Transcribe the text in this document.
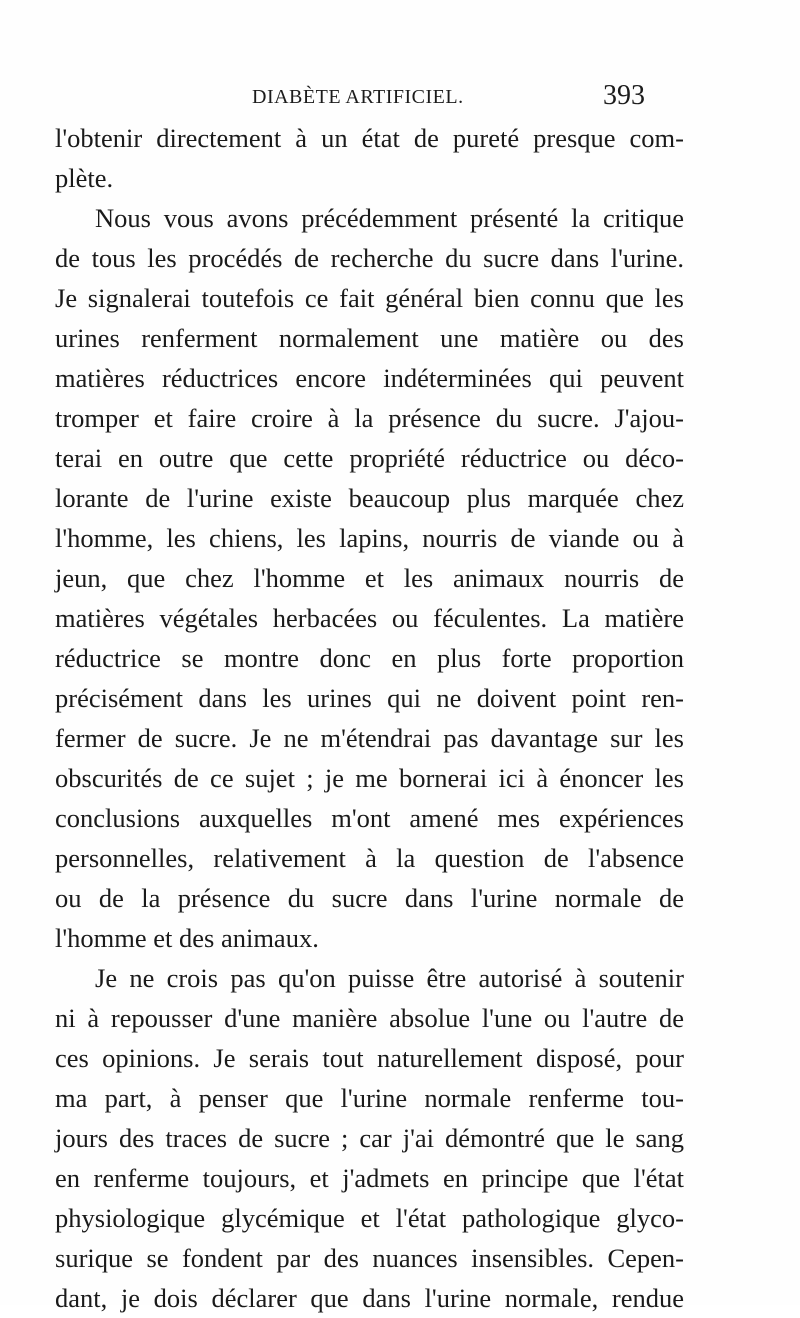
DIABÈTE ARTIFICIEL.	393
l'obtenir directement à un état de pureté presque com-
plète.
Nous vous avons précédemment présenté la critique
de tous les procédés de recherche du sucre dans l'urine.
Je signalerai toutefois ce fait général bien connu que les
urines renferment normalement une matière ou des
matières réductrices encore indéterminées qui peuvent
tromper et faire croire à la présence du sucre. J'ajou-
terai en outre que cette propriété réductrice ou déco-
lorante de l'urine existe beaucoup plus marquée chez
l'homme, les chiens, les lapins, nourris de viande ou à
jeun, que chez l'homme et les animaux nourris de
matières végétales herbacées ou féculentes. La matière
réductrice se montre donc en plus forte proportion
précisément dans les urines qui ne doivent point ren-
fermer de sucre. Je ne m'étendrai pas davantage sur les
obscurités de ce sujet ; je me bornerai ici à énoncer les
conclusions auxquelles m'ont amené mes expériences
personnelles, relativement à la question de l'absence
ou de la présence du sucre dans l'urine normale de
l'homme et des animaux.
Je ne crois pas qu'on puisse être autorisé à soutenir
ni à repousser d'une manière absolue l'une ou l'autre de
ces opinions. Je serais tout naturellement disposé, pour
ma part, à penser que l'urine normale renferme tou-
jours des traces de sucre ; car j'ai démontré que le sang
en renferme toujours, et j'admets en principe que l'état
physiologique glycémique et l'état pathologique glyco-
surique se fondent par des nuances insensibles. Cepen-
dant, je dois déclarer que dans l'urine normale, rendue
